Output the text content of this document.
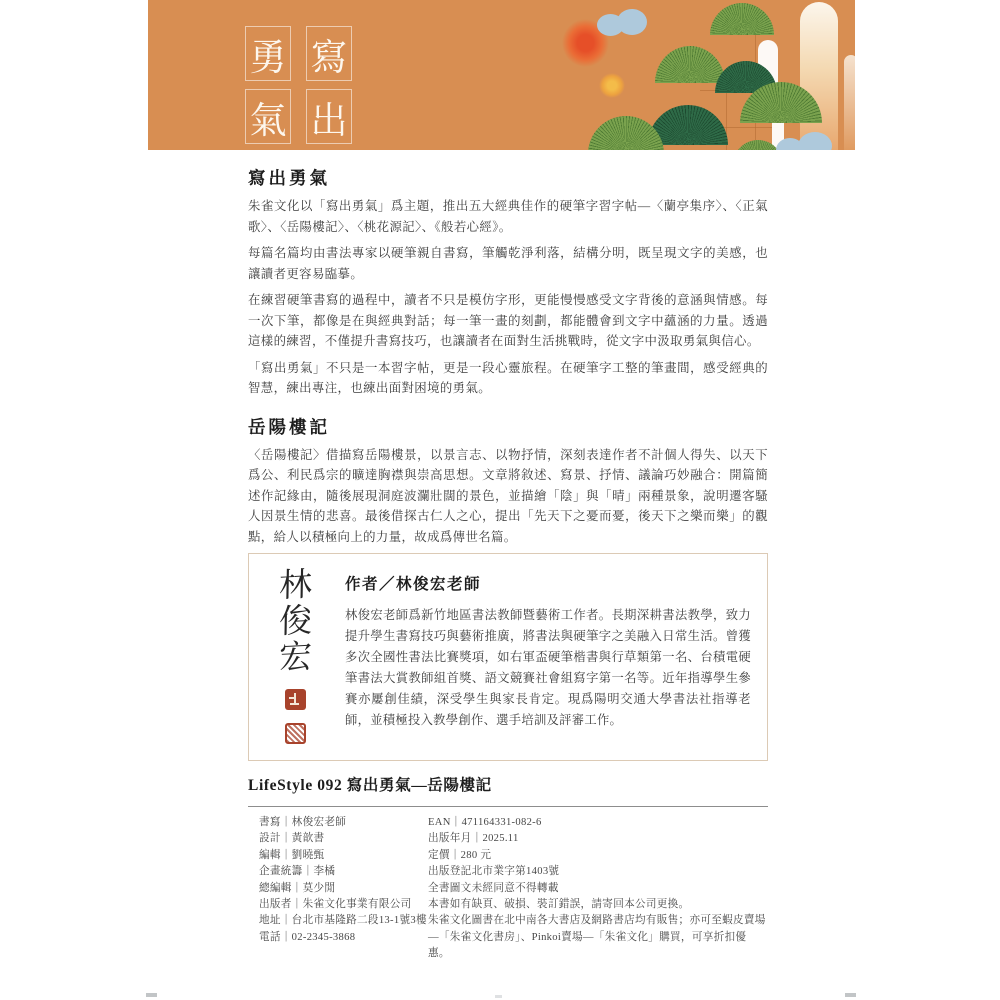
勇 寫
氣 出
寫出勇氣
朱雀文化以「寫出勇氣」爲主題，推出五大經典佳作的硬筆字習字帖—〈蘭亭集序〉、〈正氣歌〉、〈岳陽樓記〉、〈桃花源記〉、《般若心經》。
每篇名篇均由書法專家以硬筆親自書寫，筆觸乾淨利落，結構分明，既呈現文字的美感，也讓讀者更容易臨摹。
在練習硬筆書寫的過程中，讀者不只是模仿字形，更能慢慢感受文字背後的意涵與情感。每一次下筆，都像是在與經典對話；每一筆一畫的刻劃，都能體會到文字中蘊涵的力量。透過這樣的練習，不僅提升書寫技巧，也讓讀者在面對生活挑戰時，從文字中汲取勇氣與信心。
「寫出勇氣」不只是一本習字帖，更是一段心靈旅程。在硬筆字工整的筆畫間，感受經典的智慧，練出專注，也練出面對困境的勇氣。
岳陽樓記
〈岳陽樓記〉借描寫岳陽樓景，以景言志、以物抒情，深刻表達作者不計個人得失、以天下爲公、利民爲宗的曠達胸襟與崇高思想。文章將敘述、寫景、抒情、議論巧妙融合：開篇簡述作記緣由，隨後展現洞庭波瀾壯闊的景色，並描繪「陰」與「晴」兩種景象，說明遷客騷人因景生情的悲喜。最後借探古仁人之心，提出「先天下之憂而憂，後天下之樂而樂」的觀點，給人以積極向上的力量，故成爲傳世名篇。
林
俊
宏
作者／林俊宏老師
林俊宏老師爲新竹地區書法教師暨藝術工作者。長期深耕書法教學，致力提升學生書寫技巧與藝術推廣，將書法與硬筆字之美融入日常生活。曾獲多次全國性書法比賽獎項，如右軍盃硬筆楷書與行草類第一名、台積電硬筆書法大賞教師組首獎、語文競賽社會組寫字第一名等。近年指導學生參賽亦屢創佳績，深受學生與家長肯定。現爲陽明交通大學書法社指導老師，並積極投入教學創作、選手培訓及評審工作。
LifeStyle 092 寫出勇氣—岳陽樓記
書寫｜林俊宏老師
設計｜黃歆書
編輯｜劉曉甄
企畫統籌｜李橘
總編輯｜莫少閒
出版者｜朱雀文化事業有限公司
地址｜台北市基隆路二段13-1號3樓
電話｜02-2345-3868
EAN｜471164331-082-6
出版年月｜2025.11
定價｜280 元
出版登記北市業字第1403號
全書圖文未經同意不得轉載
本書如有缺頁、破損、裝訂錯誤，請寄回本公司更換。
朱雀文化圖書在北中南各大書店及網路書店均有販售；亦可至蝦皮賣場—「朱雀文化書房」、Pinkoi賣場—「朱雀文化」購買，可享折扣優惠。
